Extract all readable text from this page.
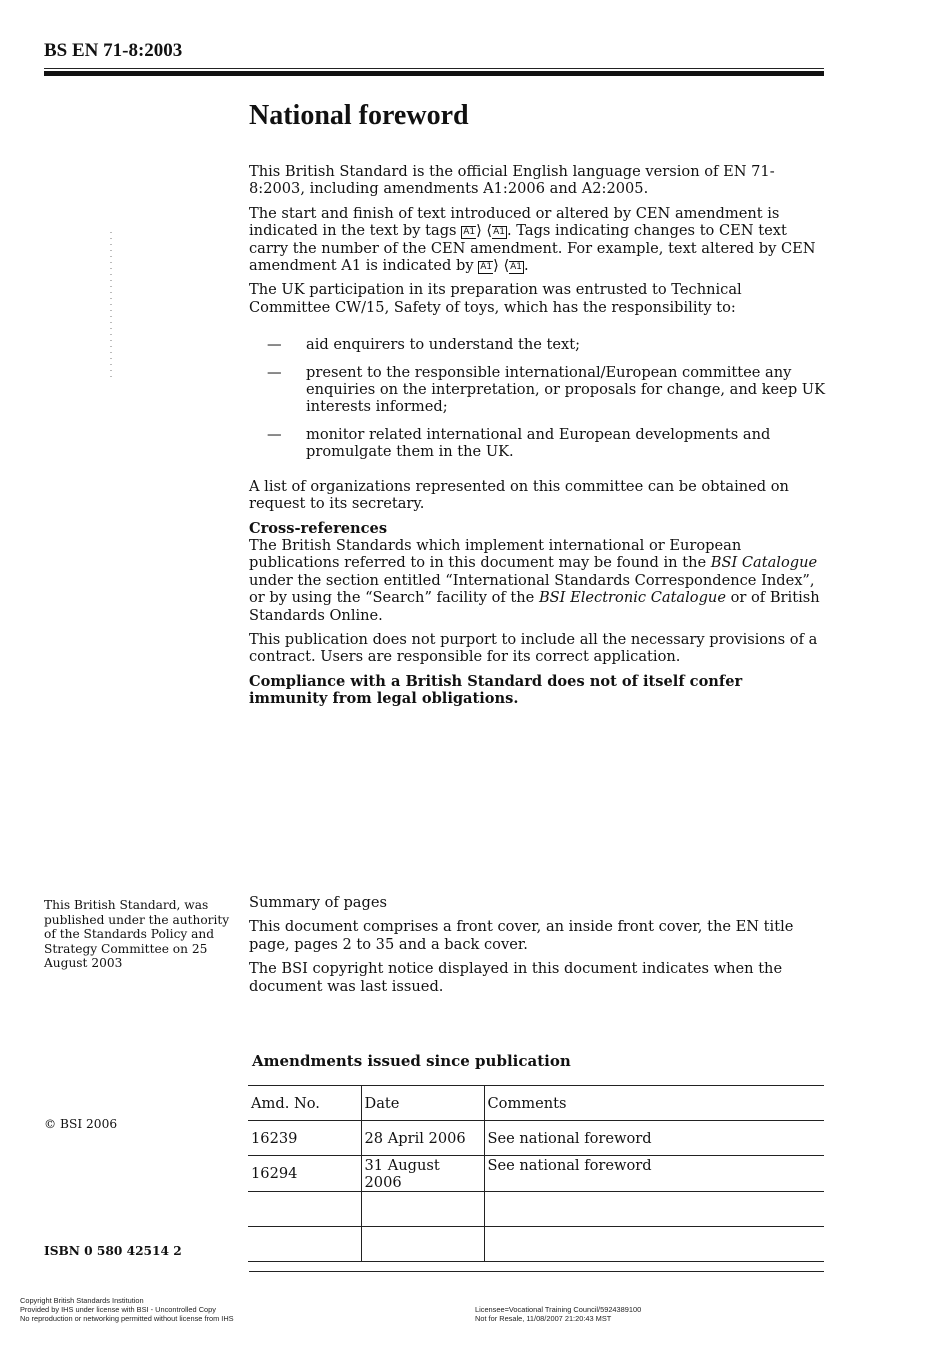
BS EN 71-8:2003
National foreword

This British Standard is the official English language version of EN 71-8:2003, including amendments A1:2006 and A2:2005.

The start and finish of text introduced or altered by CEN amendment is indicated in the text by tags A1⟩ ⟨A1 . Tags indicating changes to CEN text carry the number of the CEN amendment. For example, text altered by CEN amendment A1 is indicated by A1⟩ ⟨A1 .

The UK participation in its preparation was entrusted to Technical Committee CW/15, Safety of toys, which has the responsibility to:

— aid enquirers to understand the text;
— present to the responsible international/European committee any enquiries on the interpretation, or proposals for change, and keep UK interests informed;
— monitor related international and European developments and promulgate them in the UK.

A list of organizations represented on this committee can be obtained on request to its secretary.

Cross-references

The British Standards which implement international or European publications referred to in this document may be found in the BSI Catalogue under the section entitled “International Standards Correspondence Index”, or by using the “Search” facility of the BSI Electronic Catalogue or of British Standards Online.

This publication does not purport to include all the necessary provisions of a contract. Users are responsible for its correct application.

Compliance with a British Standard does not of itself confer immunity from legal obligations.

This British Standard, was published under the authority of the Standards Policy and Strategy Committee on 25 August 2003

Summary of pages

This document comprises a front cover, an inside front cover, the EN title page, pages 2 to 35 and a back cover.

The BSI copyright notice displayed in this document indicates when the document was last issued.

Amendments issued since publication
Amd. No.	Date	Comments
16239	28 April 2006	See national foreword
16294	31 August 2006	See national foreword

© BSI 2006
ISBN 0 580 42514 2
Copyright British Standards Institution
Provided by IHS under license with BSI - Uncontrolled Copy
No reproduction or networking permitted without license from IHS
Licensee=Vocational Training Council/5924389100
Not for Resale, 11/08/2007 21:20:43 MST
